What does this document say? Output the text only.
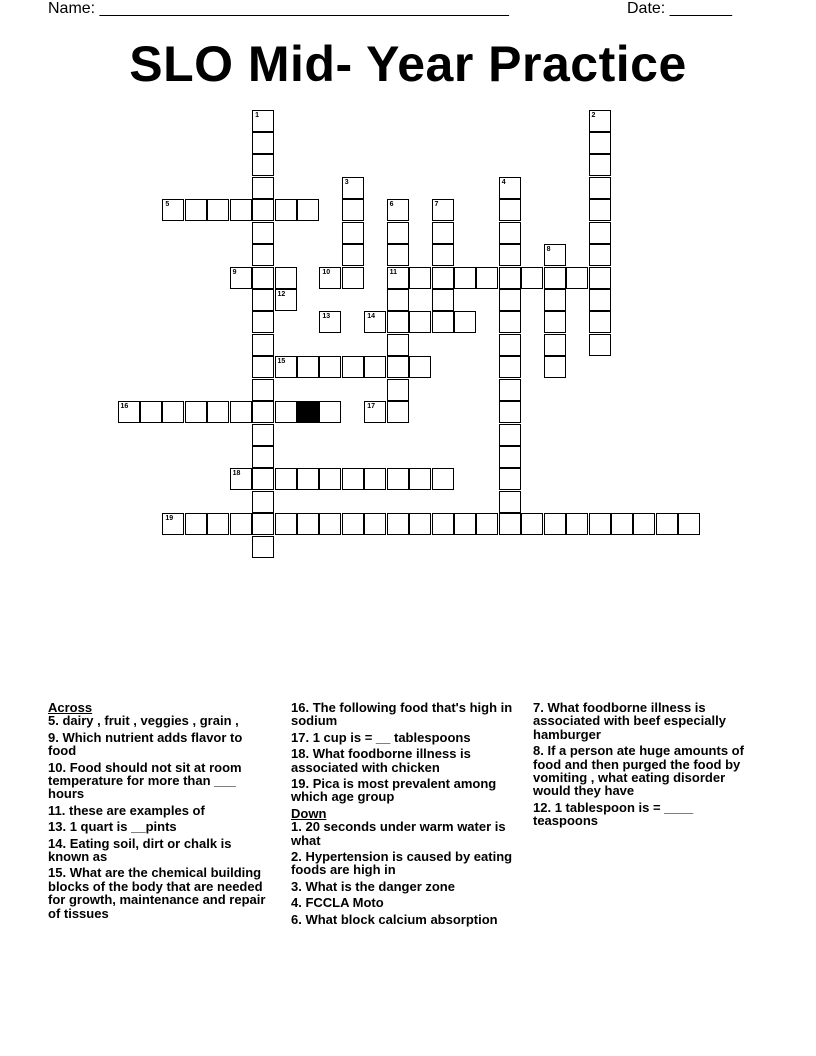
Name: ______________________________________________	Date: _______
SLO Mid- Year Practice
1	2
3	4
6
11
7
8
12
5
9	10
13	14
15
16	17
18
19
Across
5. dairy , fruit , veggies , grain ,
9. Which nutrient adds flavor to food
10. Food should not sit at room temperature for more than ___ hours
11. these are examples of
13. 1 quart is __pints
14. Eating soil, dirt or chalk is known as
15. What are the chemical building blocks of the body that are needed for growth, maintenance and repair of tissues
16. The following food that's high in sodium
17. 1 cup is = __ tablespoons
18. What foodborne illness is associated with chicken
19. Pica is most prevalent among which age group
Down
1. 20 seconds under warm water is what
2. Hypertension is caused by eating foods are high in
3. What is the danger zone
4. FCCLA Moto
6. What block calcium absorption
7. What foodborne illness is associated with beef especially hamburger
8. If a person ate huge amounts of food and then purged the food by vomiting , what eating disorder would they have
12. 1 tablespoon is = ____ teaspoons
